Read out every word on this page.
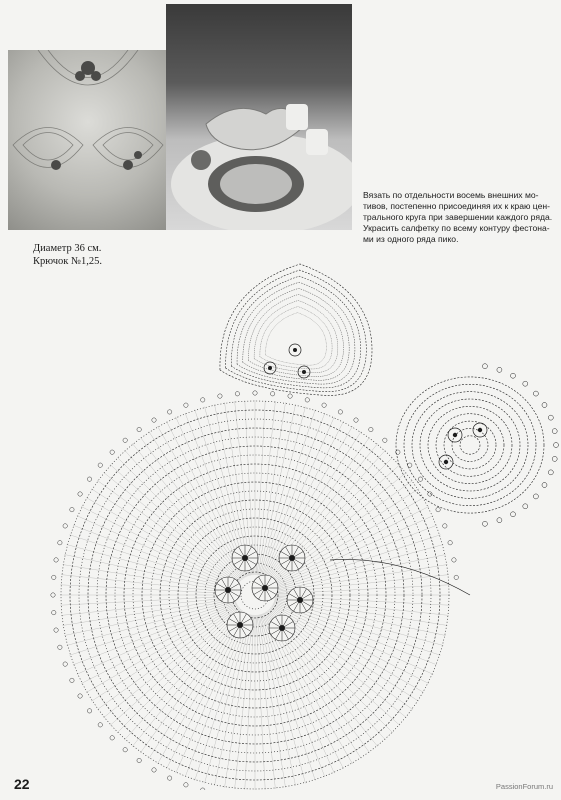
Диаметр 36 см.
Крючок №1,25.
Вязать по отдельности восемь внешних мо-
тивов, постепенно присоединяя их к краю цен-
трального круга при завершении каждого ряда.
Украсить салфетку по всему контуру фестона-
ми из одного ряда пико.
22	PassionForum.ru
